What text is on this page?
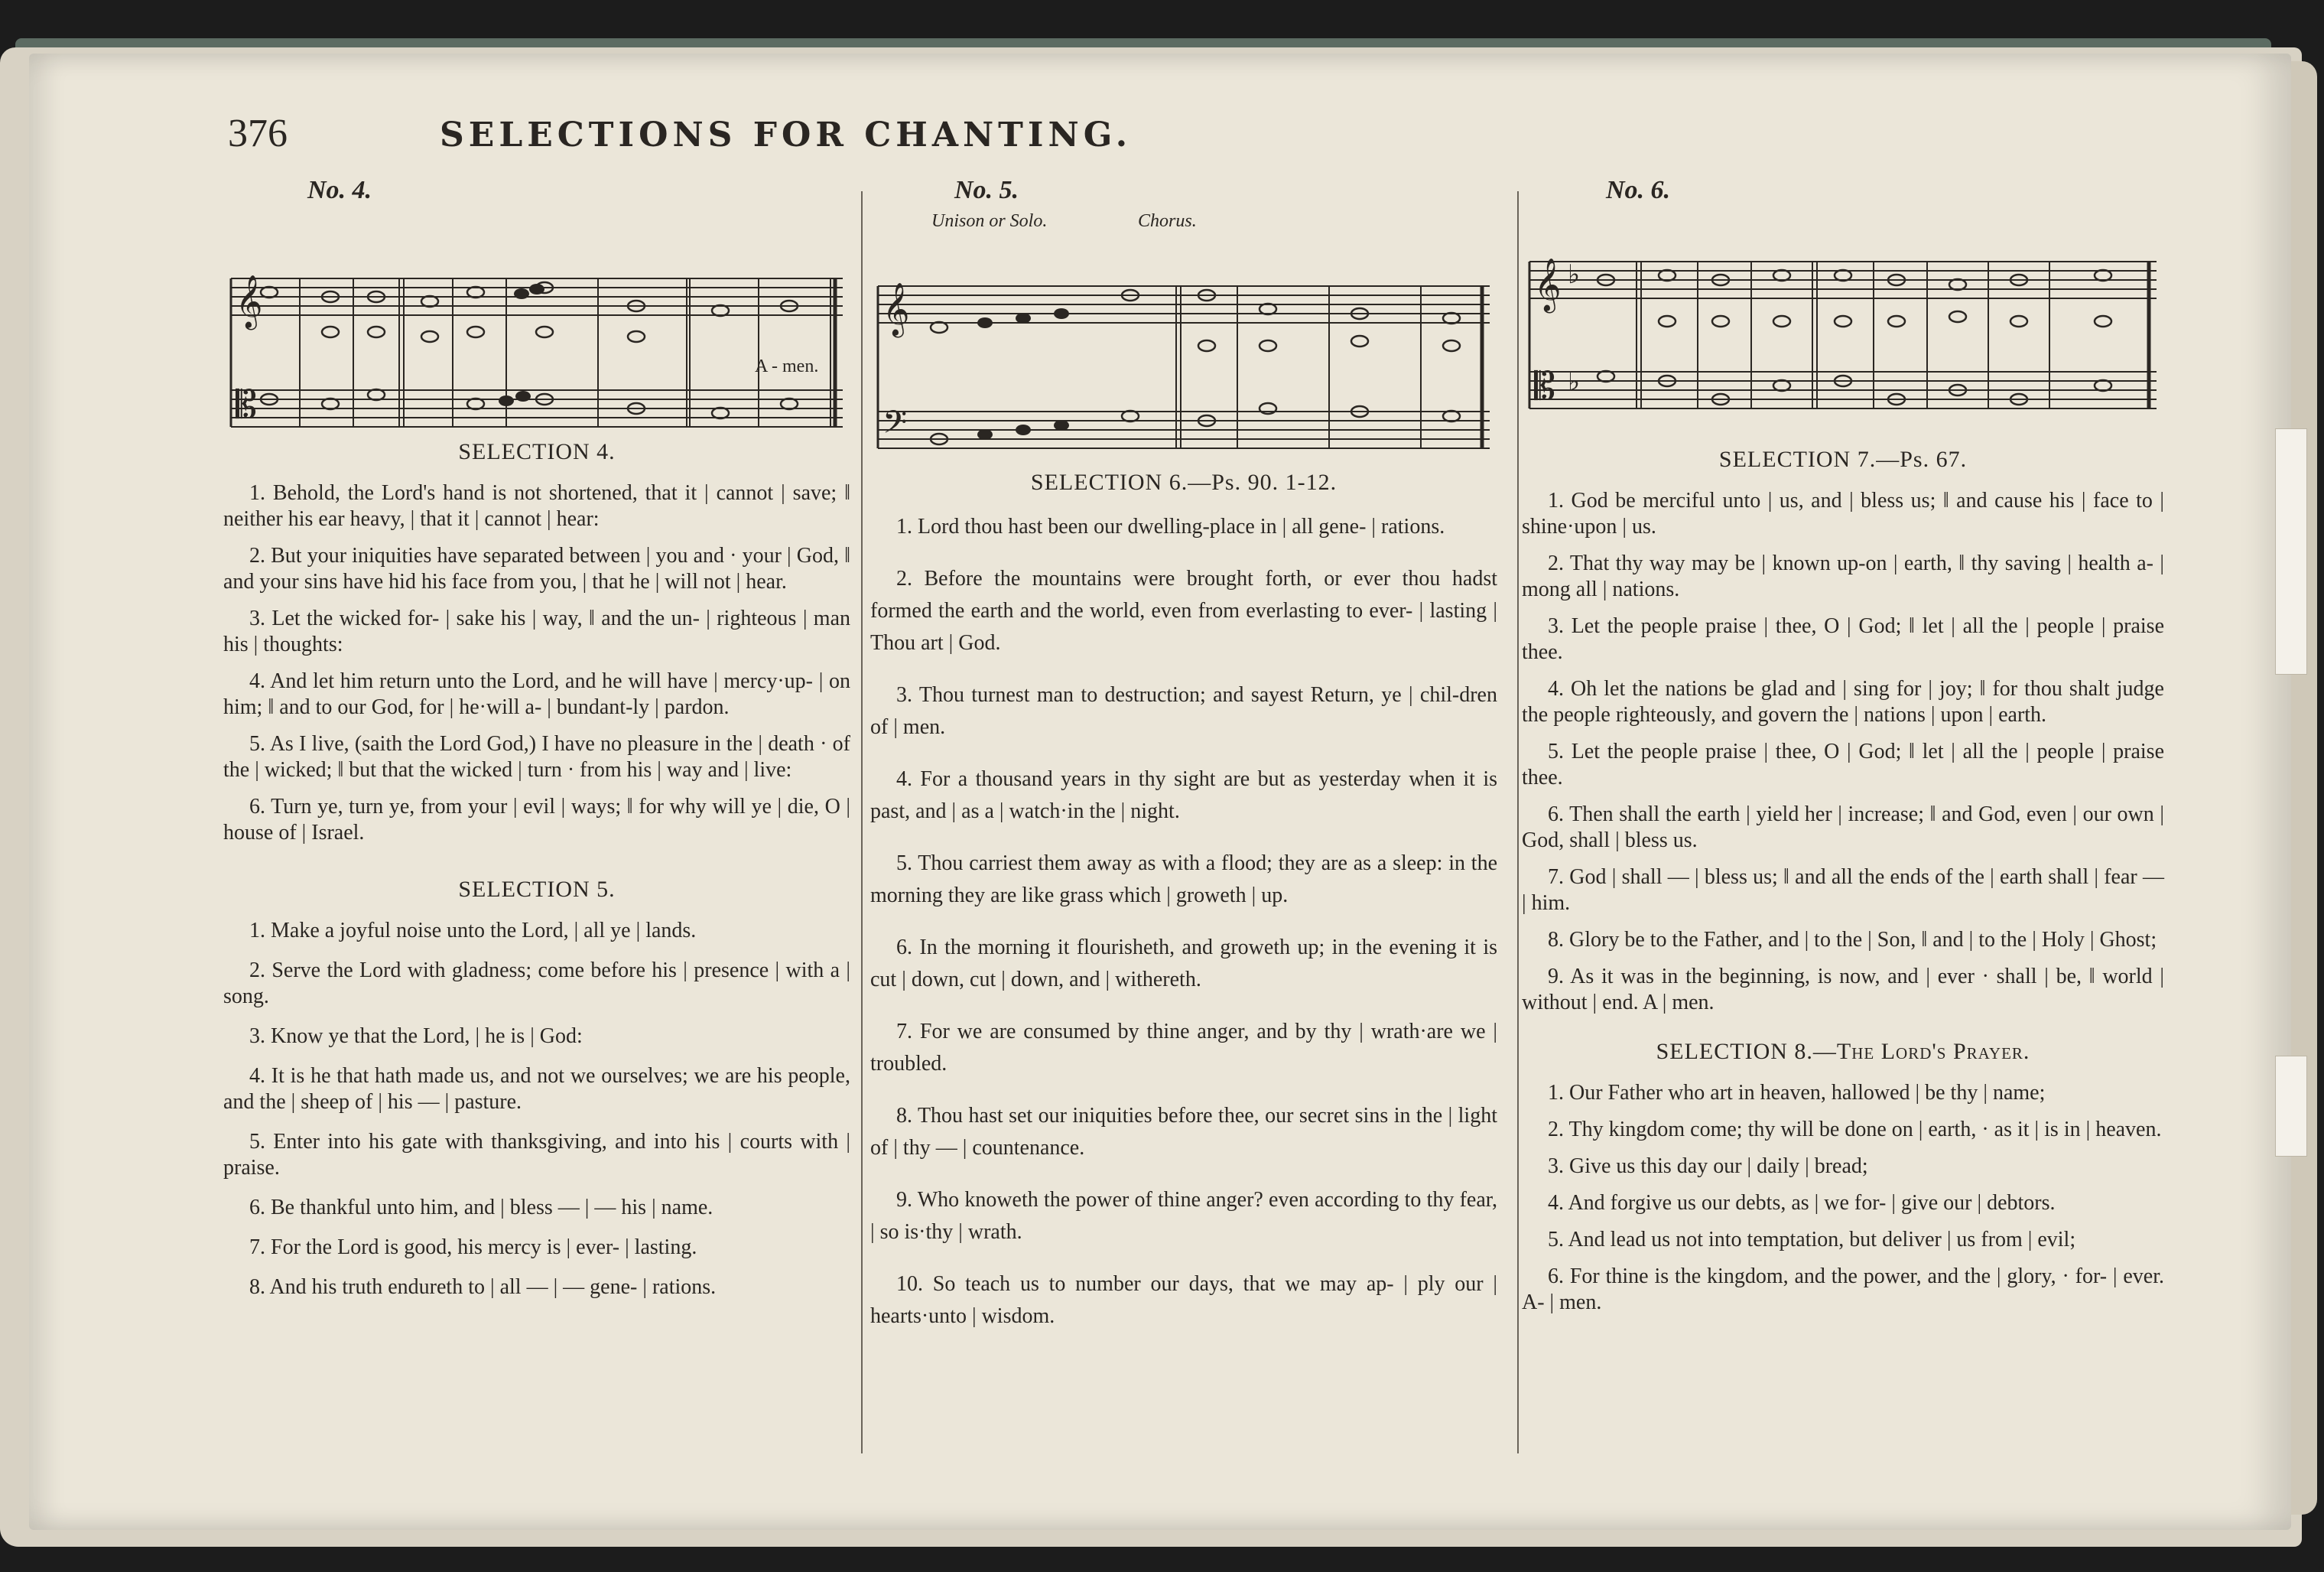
376	SELECTIONS FOR CHANTING.
No. 4.
𝄞
𝄡
A - men.
SELECTION 4.

1. Behold, the Lord's hand is not shortened, that it | cannot | save; ‖ neither his ear heavy, | that it | cannot | hear:

2. But your iniquities have separated between | you and · your | God, ‖ and your sins have hid his face from you, | that he | will not | hear.

3. Let the wicked for- | sake his | way, ‖ and the un- | righteous | man his | thoughts:

4. And let him return unto the Lord, and he will have | mercy·up- | on him; ‖ and to our God, for | he·will a- | bundant-ly | pardon.

5. As I live, (saith the Lord God,) I have no pleasure in the | death · of the | wicked; ‖ but that the wicked | turn · from his | way and | live:

6. Turn ye, turn ye, from your | evil | ways; ‖ for why will ye | die, O | house of | Israel.

SELECTION 5.

1. Make a joyful noise unto the Lord, | all ye | lands.

2. Serve the Lord with gladness; come before his | presence | with a | song.

3. Know ye that the Lord, | he is | God:

4. It is he that hath made us, and not we ourselves; we are his people, and the | sheep of | his — | pasture.

5. Enter into his gate with thanksgiving, and into his | courts with | praise.

6. Be thankful unto him, and | bless — | — his | name.

7. For the Lord is good, his mercy is | ever- | lasting.

8. And his truth endureth to | all — | — gene- | rations.

No. 5.
Unison or Solo.	Chorus.
𝄞
𝄢
SELECTION 6.—Ps. 90. 1-12.

1. Lord thou hast been our dwelling-place in | all gene- | rations.

2. Before the mountains were brought forth, or ever thou hadst formed the earth and the world, even from everlasting to ever- | lasting | Thou art | God.

3. Thou turnest man to destruction; and sayest Return, ye | chil-dren of | men.

4. For a thousand years in thy sight are but as yesterday when it is past, and | as a | watch·in the | night.

5. Thou carriest them away as with a flood; they are as a sleep: in the morning they are like grass which | groweth | up.

6. In the morning it flourisheth, and groweth up; in the evening it is cut | down, cut | down, and | withereth.

7. For we are consumed by thine anger, and by thy | wrath·are we | troubled.

8. Thou hast set our iniquities before thee, our secret sins in the | light of | thy — | countenance.

9. Who knoweth the power of thine anger? even according to thy fear, | so is·thy | wrath.

10. So teach us to number our days, that we may ap- | ply our | hearts·unto | wisdom.

No. 6.
𝄞 ♭
𝄡 ♭
SELECTION 7.—Ps. 67.

1. God be merciful unto | us, and | bless us; ‖ and cause his | face to | shine·upon | us.

2. That thy way may be | known up-on | earth, ‖ thy saving | health a- | mong all | nations.

3. Let the people praise | thee, O | God; ‖ let | all the | people | praise thee.

4. Oh let the nations be glad and | sing for | joy; ‖ for thou shalt judge the people righteously, and govern the | nations | upon | earth.

5. Let the people praise | thee, O | God; ‖ let | all the | people | praise thee.

6. Then shall the earth | yield her | increase; ‖ and God, even | our own | God, shall | bless us.

7. God | shall — | bless us; ‖ and all the ends of the | earth shall | fear — | him.

8. Glory be to the Father, and | to the | Son, ‖ and | to the | Holy | Ghost;

9. As it was in the beginning, is now, and | ever · shall | be, ‖ world | without | end. A | men.

SELECTION 8.—The Lord's Prayer.

1. Our Father who art in heaven, hallowed | be thy | name;

2. Thy kingdom come; thy will be done on | earth, · as it | is in | heaven.

3. Give us this day our | daily | bread;

4. And forgive us our debts, as | we for- | give our | debtors.

5. And lead us not into temptation, but deliver | us from | evil;

6. For thine is the kingdom, and the power, and the | glory, · for- | ever. A- | men.
